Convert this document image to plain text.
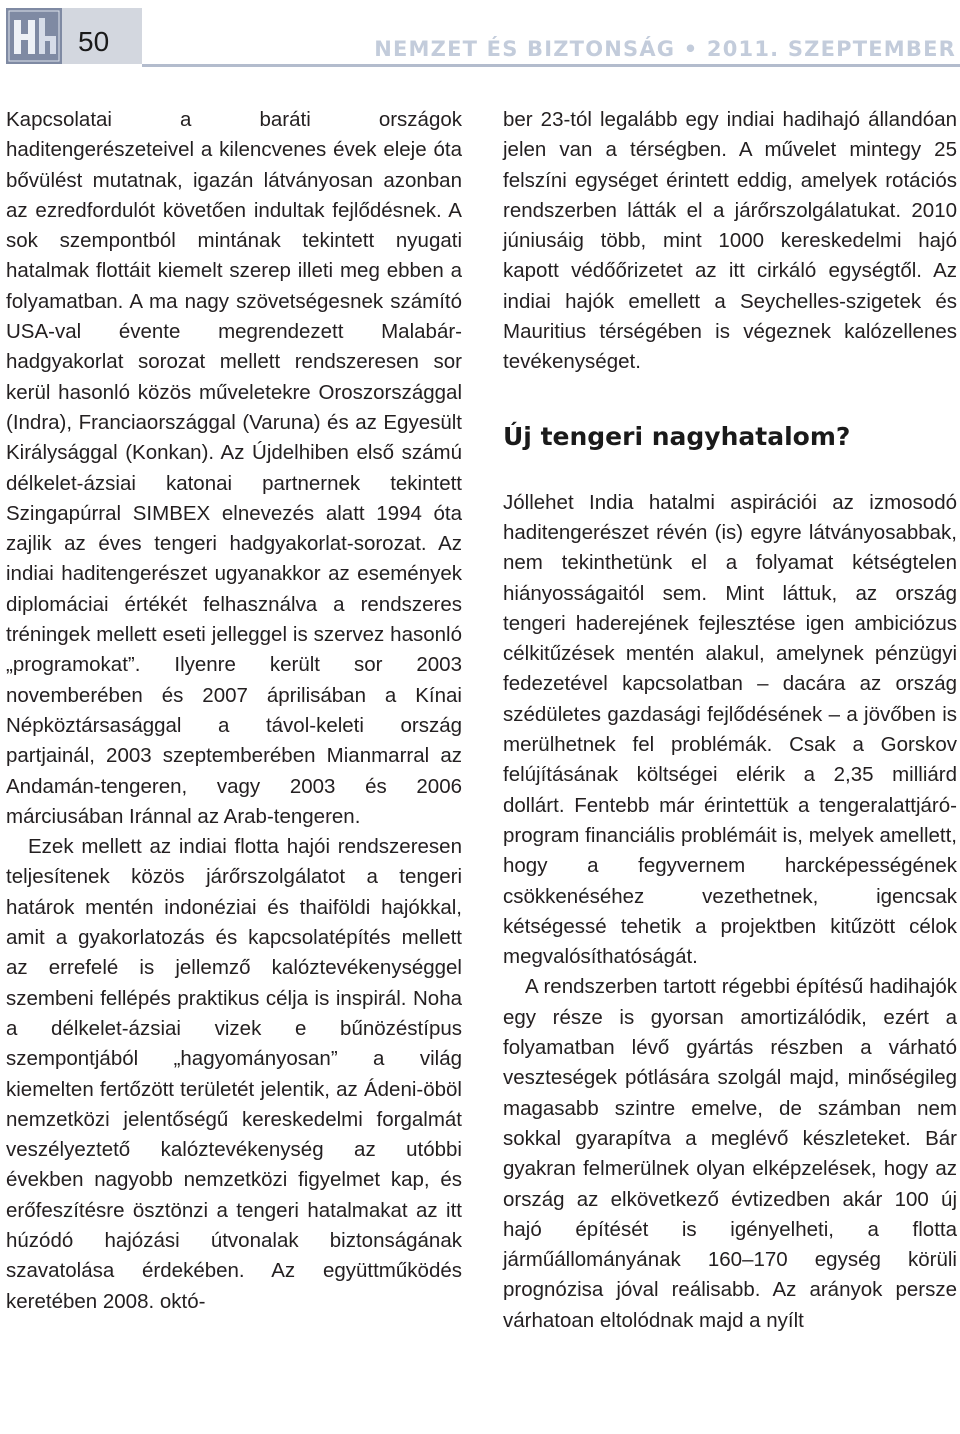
50	NEMZET ÉS BIZTONSÁG • 2011. SZEPTEMBER

Kapcsolatai a baráti országok haditengerészeteivel a kilencvenes évek eleje óta bővülést mutatnak, igazán látványosan azonban az ezredfordulót követően indultak fejlődésnek. A sok szempontból mintának tekintett nyugati hatalmak flottáit kiemelt szerep illeti meg ebben a folyamatban. A ma nagy szövetségesnek számító USA-val évente megrendezett Malabár-hadgyakorlat sorozat mellett rendszeresen sor kerül hasonló közös műveletekre Oroszországgal (Indra), Franciaországgal (Varuna) és az Egyesült Királysággal (Konkan). Az Újdelhiben első számú délkelet-ázsiai katonai partnernek tekintett Szingapúrral SIMBEX elnevezés alatt 1994 óta zajlik az éves tengeri hadgyakorlat-sorozat. Az indiai haditengerészet ugyanakkor az események diplomáciai értékét felhasználva a rendszeres tréningek mellett eseti jelleggel is szervez hasonló „programokat”. Ilyenre került sor 2003 novemberében és 2007 áprilisában a Kínai Népköztársasággal a távol-keleti ország partjainál, 2003 szeptemberében Mianmarral az Andamán-tengeren, vagy 2003 és 2006 márciusában Iránnal az Arab-tengeren.

Ezek mellett az indiai flotta hajói rendszeresen teljesítenek közös járőrszolgálatot a tengeri határok mentén indonéziai és thaiföldi hajókkal, amit a gyakorlatozás és kapcsolatépítés mellett az errefelé is jellemző kalóztevékenységgel szembeni fellépés praktikus célja is inspirál. Noha a délkelet-ázsiai vizek e bűnözéstípus szempontjából „hagyományosan” a világ kiemelten fertőzött területét jelentik, az Ádeni-öböl nemzetközi jelentőségű kereskedelmi forgalmát veszélyeztető kalóztevékenység az utóbbi években nagyobb nemzetközi figyelmet kap, és erőfeszítésre ösztönzi a tengeri hatalmakat az itt húzódó hajózási útvonalak biztonságának szavatolása érdekében. Az együttműködés keretében 2008. októ-

ber 23-tól legalább egy indiai hadihajó állandóan jelen van a térségben. A művelet mintegy 25 felszíni egységet érintett eddig, amelyek rotációs rendszerben látták el a járőrszolgálatukat. 2010 júniusáig több, mint 1000 kereskedelmi hajó kapott védőőrizetet az itt cirkáló egységtől. Az indiai hajók emellett a Seychelles-szigetek és Mauritius térségében is végeznek kalózellenes tevékenységet.

Új tengeri nagyhatalom?

Jóllehet India hatalmi aspirációi az izmosodó haditengerészet révén (is) egyre látványosabbak, nem tekinthetünk el a folyamat kétségtelen hiányosságaitól sem. Mint láttuk, az ország tengeri haderejének fejlesztése igen ambiciózus célkitűzések mentén alakul, amelynek pénzügyi fedezetével kapcsolatban – dacára az ország szédületes gazdasági fejlődésének – a jövőben is merülhetnek fel problémák. Csak a Gorskov felújításának költségei elérik a 2,35 milliárd dollárt. Fentebb már érintettük a tengeralattjáró-program financiális problémáit is, melyek amellett, hogy a fegyvernem harcképességének csökkenéséhez vezethetnek, igencsak kétségessé tehetik a projektben kitűzött célok megvalósíthatóságát.

A rendszerben tartott régebbi építésű hadihajók egy része is gyorsan amortizálódik, ezért a folyamatban lévő gyártás részben a várható veszteségek pótlására szolgál majd, minőségileg magasabb szintre emelve, de számban nem sokkal gyarapítva a meglévő készleteket. Bár gyakran felmerülnek olyan elképzelések, hogy az ország az elkövetkező évtizedben akár 100 új hajó építését is igényelheti, a flotta járműállományának 160–170 egység körüli prognózisa jóval reálisabb. Az arányok persze várhatoan eltolódnak majd a nyílt
